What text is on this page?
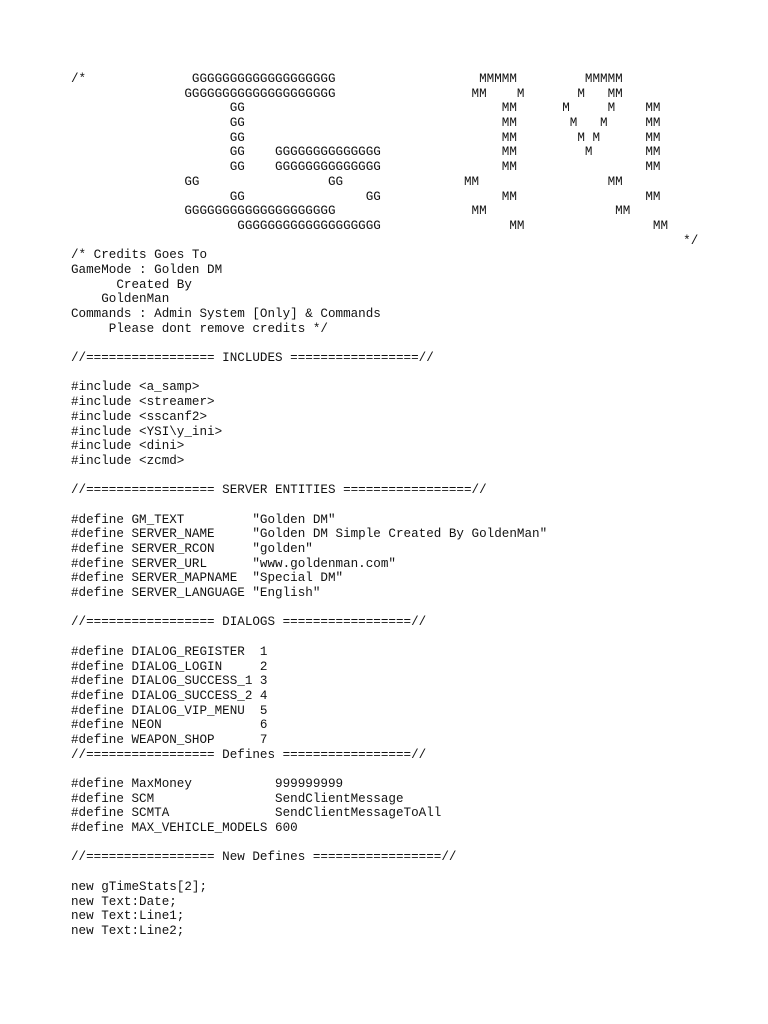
/*              GGGGGGGGGGGGGGGGGGG                   MMMMM         MMMMM
GGGGGGGGGGGGGGGGGGGG                  MM    M       M   MM
GG                                  MM      M     M    MM
GG                                  MM       M   M     MM
GG                                  MM        M M      MM
GG    GGGGGGGGGGGGGG                MM         M       MM
GG    GGGGGGGGGGGGGG                MM                 MM
GG                 GG                MM                 MM
GG                GG                MM                 MM
GGGGGGGGGGGGGGGGGGGG                  MM                 MM
GGGGGGGGGGGGGGGGGGG                 MM                 MM
*/
/* Credits Goes To
GameMode : Golden DM
Created By
GoldenMan
Commands : Admin System [Only] & Commands
Please dont remove credits */
//================= INCLUDES =================//
#include <a_samp>
#include <streamer>
#include <sscanf2>
#include <YSI\y_ini>
#include <dini>
#include <zcmd>
//================= SERVER ENTITIES =================//
#define GM_TEXT         "Golden DM"
#define SERVER_NAME     "Golden DM Simple Created By GoldenMan"
#define SERVER_RCON     "golden"
#define SERVER_URL      "www.goldenman.com"
#define SERVER_MAPNAME  "Special DM"
#define SERVER_LANGUAGE "English"
//================= DIALOGS =================//
#define DIALOG_REGISTER  1
#define DIALOG_LOGIN     2
#define DIALOG_SUCCESS_1 3
#define DIALOG_SUCCESS_2 4
#define DIALOG_VIP_MENU  5
#define NEON             6
#define WEAPON_SHOP      7
//================= Defines =================//
#define MaxMoney           999999999
#define SCM                SendClientMessage
#define SCMTA              SendClientMessageToAll
#define MAX_VEHICLE_MODELS 600
//================= New Defines =================//
new gTimeStats[2];
new Text:Date;
new Text:Line1;
new Text:Line2;
